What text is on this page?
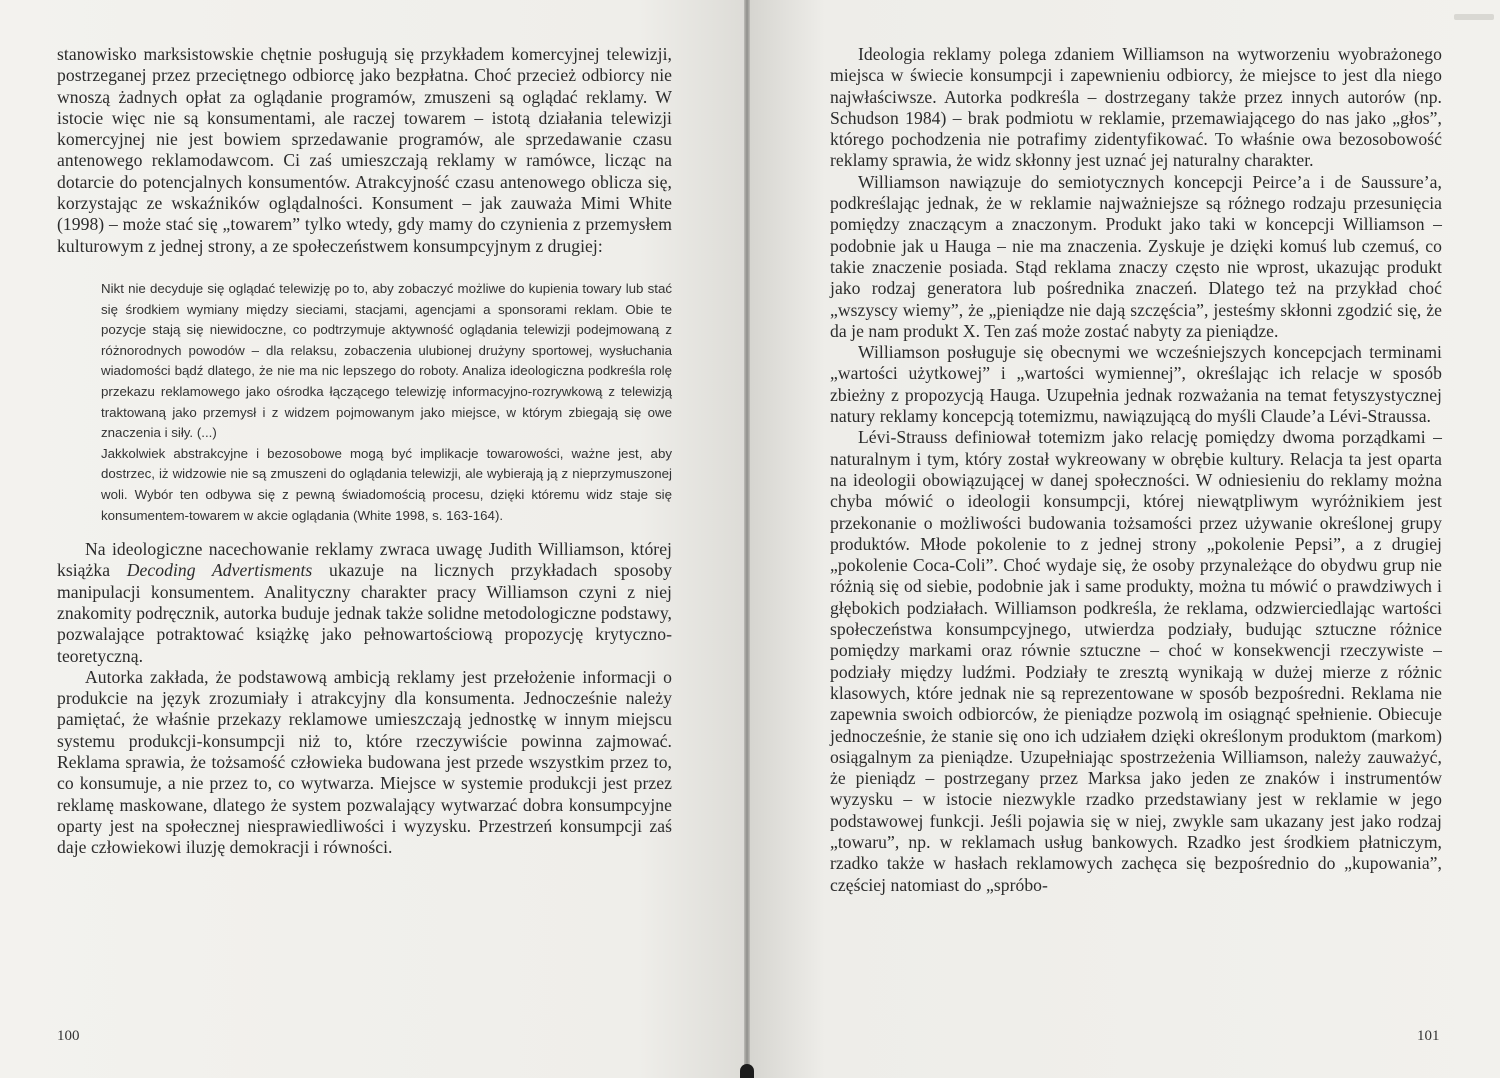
stanowisko marksistowskie chętnie posługują się przykładem komercyjnej telewizji, postrzeganej przez przeciętnego odbiorcę jako bezpłatna. Choć przecież odbiorcy nie wnoszą żadnych opłat za oglądanie programów, zmuszeni są oglądać reklamy. W istocie więc nie są konsumentami, ale raczej towarem – istotą działania telewizji komercyjnej nie jest bowiem sprzedawanie programów, ale sprzedawanie czasu antenowego reklamodawcom. Ci zaś umieszczają reklamy w ramówce, licząc na dotarcie do potencjalnych konsumentów. Atrakcyjność czasu antenowego oblicza się, korzystając ze wskaźników oglądalności. Konsument – jak zauważa Mimi White (1998) – może stać się „towarem” tylko wtedy, gdy mamy do czynienia z przemysłem kulturowym z jednej strony, a ze społeczeństwem konsumpcyjnym z drugiej:

Nikt nie decyduje się oglądać telewizję po to, aby zobaczyć możliwe do kupienia towary lub stać się środkiem wymiany między sieciami, stacjami, agencjami a sponsorami reklam. Obie te pozycje stają się niewidoczne, co podtrzymuje aktywność oglądania telewizji podejmowaną z różnorodnych powodów – dla relaksu, zobaczenia ulubionej drużyny sportowej, wysłuchania wiadomości bądź dlatego, że nie ma nic lepszego do roboty. Analiza ideologiczna podkreśla rolę przekazu reklamowego jako ośrodka łączącego telewizję informacyjno-rozrywkową z telewizją traktowaną jako przemysł i z widzem pojmowanym jako miejsce, w którym zbiegają się owe znaczenia i siły. (...)

Jakkolwiek abstrakcyjne i bezosobowe mogą być implikacje towarowości, ważne jest, aby dostrzec, iż widzowie nie są zmuszeni do oglądania telewizji, ale wybierają ją z nieprzymuszonej woli. Wybór ten odbywa się z pewną świadomością procesu, dzięki któremu widz staje się konsumentem-towarem w akcie oglądania (White 1998, s. 163-164).

Na ideologiczne nacechowanie reklamy zwraca uwagę Judith Williamson, której książka Decoding Advertisments ukazuje na licznych przykładach sposoby manipulacji konsumentem. Analityczny charakter pracy Williamson czyni z niej znakomity podręcznik, autorka buduje jednak także solidne metodologiczne podstawy, pozwalające potraktować książkę jako pełnowartościową propozycję krytyczno-teoretyczną.

Autorka zakłada, że podstawową ambicją reklamy jest przełożenie informacji o produkcie na język zrozumiały i atrakcyjny dla konsumenta. Jednocześnie należy pamiętać, że właśnie przekazy reklamowe umieszczają jednostkę w innym miejscu systemu produkcji-konsumpcji niż to, które rzeczywiście powinna zajmować. Reklama sprawia, że tożsamość człowieka budowana jest przede wszystkim przez to, co konsumuje, a nie przez to, co wytwarza. Miejsce w systemie produkcji jest przez reklamę maskowane, dlatego że system pozwalający wytwarzać dobra konsumpcyjne oparty jest na społecznej niesprawiedliwości i wyzysku. Przestrzeń konsumpcji zaś daje człowiekowi iluzję demokracji i równości.

100

Ideologia reklamy polega zdaniem Williamson na wytworzeniu wyobrażonego miejsca w świecie konsumpcji i zapewnieniu odbiorcy, że miejsce to jest dla niego najwłaściwsze. Autorka podkreśla – dostrzegany także przez innych autorów (np. Schudson 1984) – brak podmiotu w reklamie, przemawiającego do nas jako „głos”, którego pochodzenia nie potrafimy zidentyfikować. To właśnie owa bezosobowość reklamy sprawia, że widz skłonny jest uznać jej naturalny charakter.

Williamson nawiązuje do semiotycznych koncepcji Peirce’a i de Saussure’a, podkreślając jednak, że w reklamie najważniejsze są różnego rodzaju przesunięcia pomiędzy znaczącym a znaczonym. Produkt jako taki w koncepcji Williamson – podobnie jak u Hauga – nie ma znaczenia. Zyskuje je dzięki komuś lub czemuś, co takie znaczenie posiada. Stąd reklama znaczy często nie wprost, ukazując produkt jako rodzaj generatora lub pośrednika znaczeń. Dlatego też na przykład choć „wszyscy wiemy”, że „pieniądze nie dają szczęścia”, jesteśmy skłonni zgodzić się, że da je nam produkt X. Ten zaś może zostać nabyty za pieniądze.

Williamson posługuje się obecnymi we wcześniejszych koncepcjach terminami „wartości użytkowej” i „wartości wymiennej”, określając ich relacje w sposób zbieżny z propozycją Hauga. Uzupełnia jednak rozważania na temat fetyszystycznej natury reklamy koncepcją totemizmu, nawiązującą do myśli Claude’a Lévi-Straussa.

Lévi-Strauss definiował totemizm jako relację pomiędzy dwoma porządkami – naturalnym i tym, który został wykreowany w obrębie kultury. Relacja ta jest oparta na ideologii obowiązującej w danej społeczności. W odniesieniu do reklamy można chyba mówić o ideologii konsumpcji, której niewątpliwym wyróżnikiem jest przekonanie o możliwości budowania tożsamości przez używanie określonej grupy produktów. Młode pokolenie to z jednej strony „pokolenie Pepsi”, a z drugiej „pokolenie Coca-Coli”. Choć wydaje się, że osoby przynależące do obydwu grup nie różnią się od siebie, podobnie jak i same produkty, można tu mówić o prawdziwych i głębokich podziałach. Williamson podkreśla, że reklama, odzwierciedlając wartości społeczeństwa konsumpcyjnego, utwierdza podziały, budując sztuczne różnice pomiędzy markami oraz równie sztuczne – choć w konsekwencji rzeczywiste – podziały między ludźmi. Podziały te zresztą wynikają w dużej mierze z różnic klasowych, które jednak nie są reprezentowane w sposób bezpośredni. Reklama nie zapewnia swoich odbiorców, że pieniądze pozwolą im osiągnąć spełnienie. Obiecuje jednocześnie, że stanie się ono ich udziałem dzięki określonym produktom (markom) osiągalnym za pieniądze. Uzupełniając spostrzeżenia Williamson, należy zauważyć, że pieniądz – postrzegany przez Marksa jako jeden ze znaków i instrumentów wyzysku – w istocie niezwykle rzadko przedstawiany jest w reklamie w jego podstawowej funkcji. Jeśli pojawia się w niej, zwykle sam ukazany jest jako rodzaj „towaru”, np. w reklamach usług bankowych. Rzadko jest środkiem płatniczym, rzadko także w hasłach reklamowych zachęca się bezpośrednio do „kupowania”, częściej natomiast do „spróbo-

101
